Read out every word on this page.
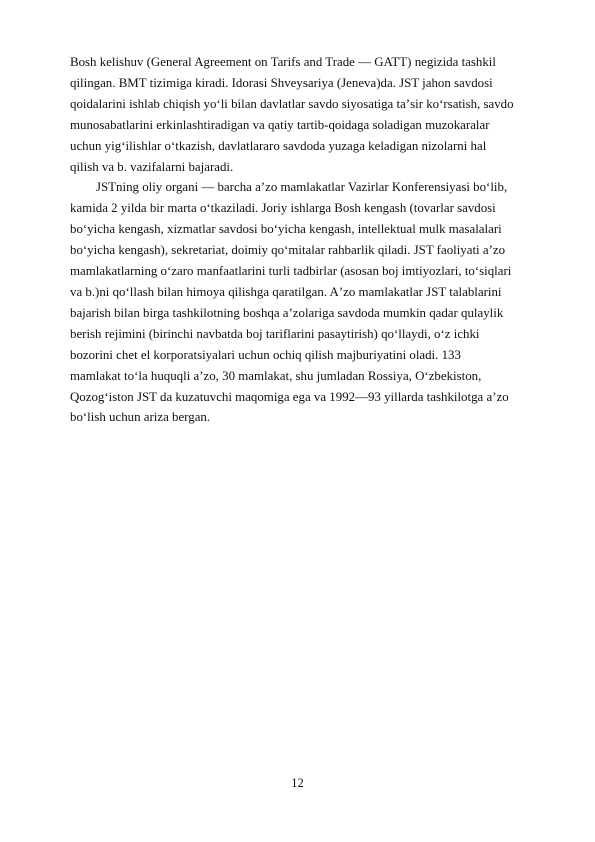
Bosh kelishuv (General Agreement on Tarifs and Trade — GATT) negizida tashkil
qilingan. BMT tizimiga kiradi. Idorasi Shveysariya (Jeneva)da. JST jahon savdosi
qoidalarini ishlab chiqish yo‘li bilan davlatlar savdo siyosatiga taʼsir ko‘rsatish, savdo
munosabatlarini erkinlashtiradigan va qatiy tartib-qoidaga soladigan muzokaralar
uchun yig‘ilishlar o‘tkazish, davlatlararo savdoda yuzaga keladigan nizolarni hal
qilish va b. vazifalarni bajaradi.
JSTning oliy organi — barcha aʼzo mamlakatlar Vazirlar Konferensiyasi bo‘lib,
kamida 2 yilda bir marta o‘tkaziladi. Joriy ishlarga Bosh kengash (tovarlar savdosi
bo‘yicha kengash, xizmatlar savdosi bo‘yicha kengash, intellektual mulk masalalari
bo‘yicha kengash), sekretariat, doimiy qo‘mitalar rahbarlik qiladi. JST faoliyati aʼzo
mamlakatlarning o‘zaro manfaatlarini turli tadbirlar (asosan boj imtiyozlari, to‘siqlari
va b.)ni qo‘llash bilan himoya qilishga qaratilgan. Aʼzo mamlakatlar JST talablarini
bajarish bilan birga tashkilotning boshqa aʼzolariga savdoda mumkin qadar qulaylik
berish rejimini (birinchi navbatda boj tariflarini pasaytirish) qo‘llaydi, o‘z ichki
bozorini chet el korporatsiyalari uchun ochiq qilish majburiyatini oladi. 133
mamlakat to‘la huquqli aʼzo, 30 mamlakat, shu jumladan Rossiya, O‘zbekiston,
Qozog‘iston JST da kuzatuvchi maqomiga ega va 1992—93 yillarda tashkilotga aʼzo
bo‘lish uchun ariza bergan.
12
